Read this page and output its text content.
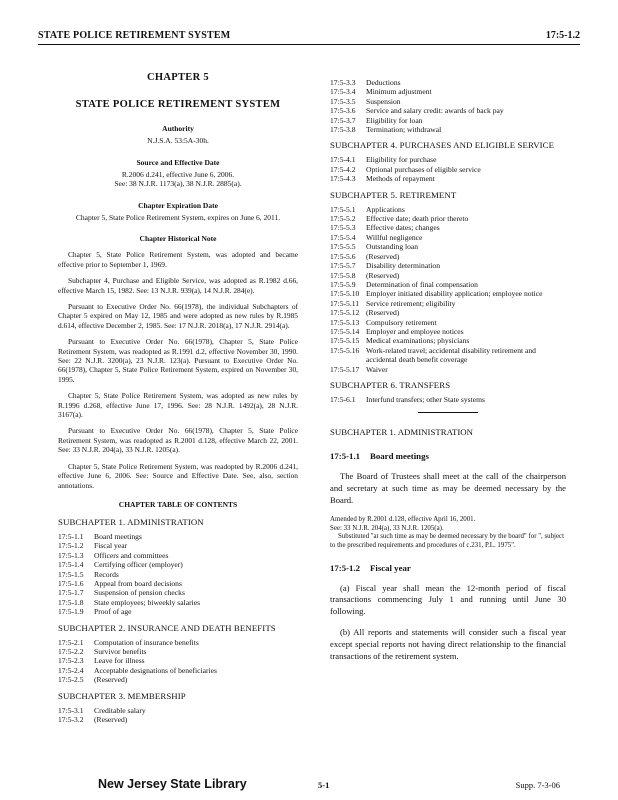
STATE POLICE RETIREMENT SYSTEM	17:5-1.2
CHAPTER 5
STATE POLICE RETIREMENT SYSTEM
Authority
N.J.S.A. 53:5A-30h.
Source and Effective Date
R.2006 d.241, effective June 6, 2006.
See: 38 N.J.R. 1173(a), 38 N.J.R. 2885(a).
Chapter Expiration Date
Chapter 5, State Police Retirement System, expires on June 6, 2011.
Chapter Historical Note

Chapter 5, State Police Retirement System, was adopted and became effective prior to September 1, 1969.

Subchapter 4, Purchase and Eligible Service, was adopted as R.1982 d.66, effective March 15, 1982. See: 13 N.J.R. 939(a), 14 N.J.R. 284(e).

Pursuant to Executive Order No. 66(1978), the individual Subchapters of Chapter 5 expired on May 12, 1985 and were adopted as new rules by R.1985 d.614, effective December 2, 1985. See: 17 N.J.R. 2018(a), 17 N.J.R. 2914(a).

Pursuant to Executive Order No. 66(1978), Chapter 5, State Police Retirement System, was readopted as R.1991 d.2, effective November 30, 1990. See: 22 N.J.R. 3200(a), 23 N.J.R. 123(a). Pursuant to Executive Order No. 66(1978), Chapter 5, State Police Retirement System, expired on November 30, 1995.

Chapter 5, State Police Retirement System, was adopted as new rules by R.1996 d.268, effective June 17, 1996. See: 28 N.J.R. 1492(a), 28 N.J.R. 3167(a).

Pursuant to Executive Order No. 66(1978), Chapter 5, State Police Retirement System, was readopted as R.2001 d.128, effective March 22, 2001. See: 33 N.J.R. 204(a), 33 N.J.R. 1205(a).

Chapter 5, State Police Retirement System, was readopted by R.2006 d.241, effective June 6, 2006. See: Source and Effective Date. See, also, section annotations.

CHAPTER TABLE OF CONTENTS
SUBCHAPTER 1. ADMINISTRATION
17:5-1.1	Board meetings
17:5-1.2	Fiscal year
17:5-1.3	Officers and committees
17:5-1.4	Certifying officer (employer)
17:5-1.5	Records
17:5-1.6	Appeal from board decisions
17:5-1.7	Suspension of pension checks
17:5-1.8	State employees; biweekly salaries
17:5-1.9	Proof of age
SUBCHAPTER 2. INSURANCE AND DEATH BENEFITS
17:5-2.1	Computation of insurance benefits
17:5-2.2	Survivor benefits
17:5-2.3	Leave for illness
17:5-2.4	Acceptable designations of beneficiaries
17:5-2.5	(Reserved)
SUBCHAPTER 3. MEMBERSHIP
17:5-3.1	Creditable salary
17:5-3.2	(Reserved)
17:5-3.3	Deductions
17:5-3.4	Minimum adjustment
17:5-3.5	Suspension
17:5-3.6	Service and salary credit: awards of back pay
17:5-3.7	Eligibility for loan
17:5-3.8	Termination; withdrawal
SUBCHAPTER 4. PURCHASES AND ELIGIBLE SERVICE
17:5-4.1	Eligibility for purchase
17:5-4.2	Optional purchases of eligible service
17:5-4.3	Methods of repayment
SUBCHAPTER 5. RETIREMENT
17:5-5.1	Applications
17:5-5.2	Effective date; death prior thereto
17:5-5.3	Effective dates; changes
17:5-5.4	Willful negligence
17:5-5.5	Outstanding loan
17:5-5.6	(Reserved)
17:5-5.7	Disability determination
17:5-5.8	(Reserved)
17:5-5.9	Determination of final compensation
17:5-5.10 Employer initiated disability application; employee notice
17:5-5.11 Service retirement; eligibility
17:5-5.12 (Reserved)
17:5-5.13 Compulsory retirement
17:5-5.14 Employer and employee notices
17:5-5.15 Medical examinations; physicians
17:5-5.16 Work-related travel; accidental disability retirement and accidental death benefit coverage
17:5-5.17 Waiver
SUBCHAPTER 6. TRANSFERS
17:5-6.1	Interfund transfers; other State systems
SUBCHAPTER 1. ADMINISTRATION
17:5-1.1 Board meetings

The Board of Trustees shall meet at the call of the chairperson and secretary at such time as may be deemed necessary by the Board.

Amended by R.2001 d.128, effective April 16, 2001.
See: 33 N.J.R. 204(a), 33 N.J.R. 1205(a).
Substituted "at such time as may be deemed necessary by the board" for ", subject to the prescribed requirements and procedures of c.231, P.L. 1975".
17:5-1.2 Fiscal year

(a) Fiscal year shall mean the 12-month period of fiscal transactions commencing July 1 and running until June 30 following.

(b) All reports and statements will consider such a fiscal year except special reports not having direct relationship to the financial transactions of the retirement system.

New Jersey State Library	5-1	Supp. 7-3-06
